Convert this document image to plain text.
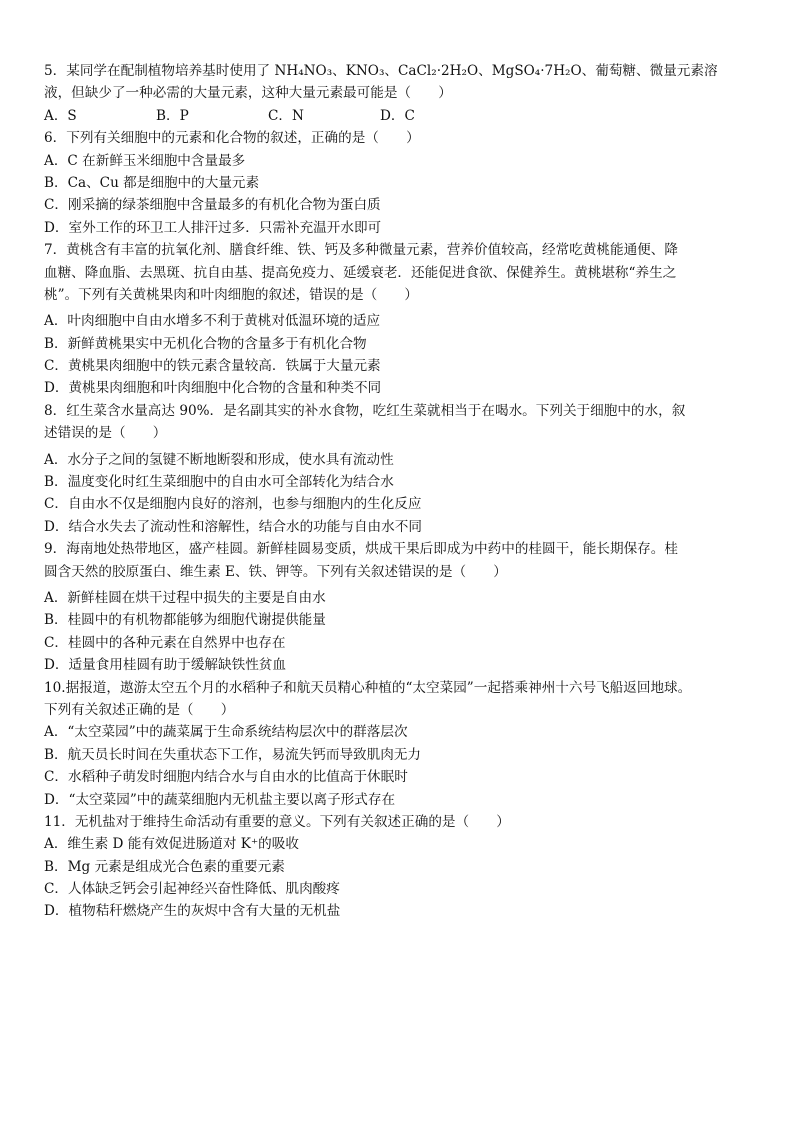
5．某同学在配制植物培养基时使用了 NH₄NO₃、KNO₃、CaCl₂·2H₂O、MgSO₄·7H₂O、葡萄糖、微量元素溶
液，但缺少了一种必需的大量元素，这种大量元素最可能是（　　）
A．S	B．P	C．N	D．C
6．下列有关细胞中的元素和化合物的叙述，正确的是（　　）
A．C 在新鲜玉米细胞中含量最多
B．Ca、Cu 都是细胞中的大量元素
C．刚采摘的绿茶细胞中含量最多的有机化合物为蛋白质
D．室外工作的环卫工人排汗过多．只需补充温开水即可
7．黄桃含有丰富的抗氧化剂、膳食纤维、铁、钙及多种微量元素，营养价值较高，经常吃黄桃能通便、降
血糖、降血脂、去黑斑、抗自由基、提高免疫力、延缓衰老．还能促进食欲、保健养生。黄桃堪称“养生之
桃”。下列有关黄桃果肉和叶肉细胞的叙述，错误的是（　　）
A．叶肉细胞中自由水增多不利于黄桃对低温环境的适应
B．新鲜黄桃果实中无机化合物的含量多于有机化合物
C．黄桃果肉细胞中的铁元素含量较高．铁属于大量元素
D．黄桃果肉细胞和叶肉细胞中化合物的含量和种类不同
8．红生菜含水量高达 90%．是名副其实的补水食物，吃红生菜就相当于在喝水。下列关于细胞中的水，叙
述错误的是（　　）
A．水分子之间的氢键不断地断裂和形成，使水具有流动性
B．温度变化时红生菜细胞中的自由水可全部转化为结合水
C．自由水不仅是细胞内良好的溶剂，也参与细胞内的生化反应
D．结合水失去了流动性和溶解性，结合水的功能与自由水不同
9．海南地处热带地区，盛产桂圆。新鲜桂圆易变质，烘成干果后即成为中药中的桂圆干，能长期保存。桂
圆含天然的胶原蛋白、维生素 E、铁、钾等。下列有关叙述错误的是（　　）
A．新鲜桂圆在烘干过程中损失的主要是自由水
B．桂圆中的有机物都能够为细胞代谢提供能量
C．桂圆中的各种元素在自然界中也存在
D．适量食用桂圆有助于缓解缺铁性贫血
10.据报道，遨游太空五个月的水稻种子和航天员精心种植的“太空菜园”一起搭乘神州十六号飞船返回地球。
下列有关叙述正确的是（　　）
A．“太空菜园”中的蔬菜属于生命系统结构层次中的群落层次
B．航天员长时间在失重状态下工作，易流失钙而导致肌肉无力
C．水稻种子萌发时细胞内结合水与自由水的比值高于休眠时
D．“太空菜园”中的蔬菜细胞内无机盐主要以离子形式存在
11．无机盐对于维持生命活动有重要的意义。下列有关叙述正确的是（　　）
A．维生素 D 能有效促进肠道对 K⁺的吸收
B．Mg 元素是组成光合色素的重要元素
C．人体缺乏钙会引起神经兴奋性降低、肌肉酸疼
D．植物秸秆燃烧产生的灰烬中含有大量的无机盐
